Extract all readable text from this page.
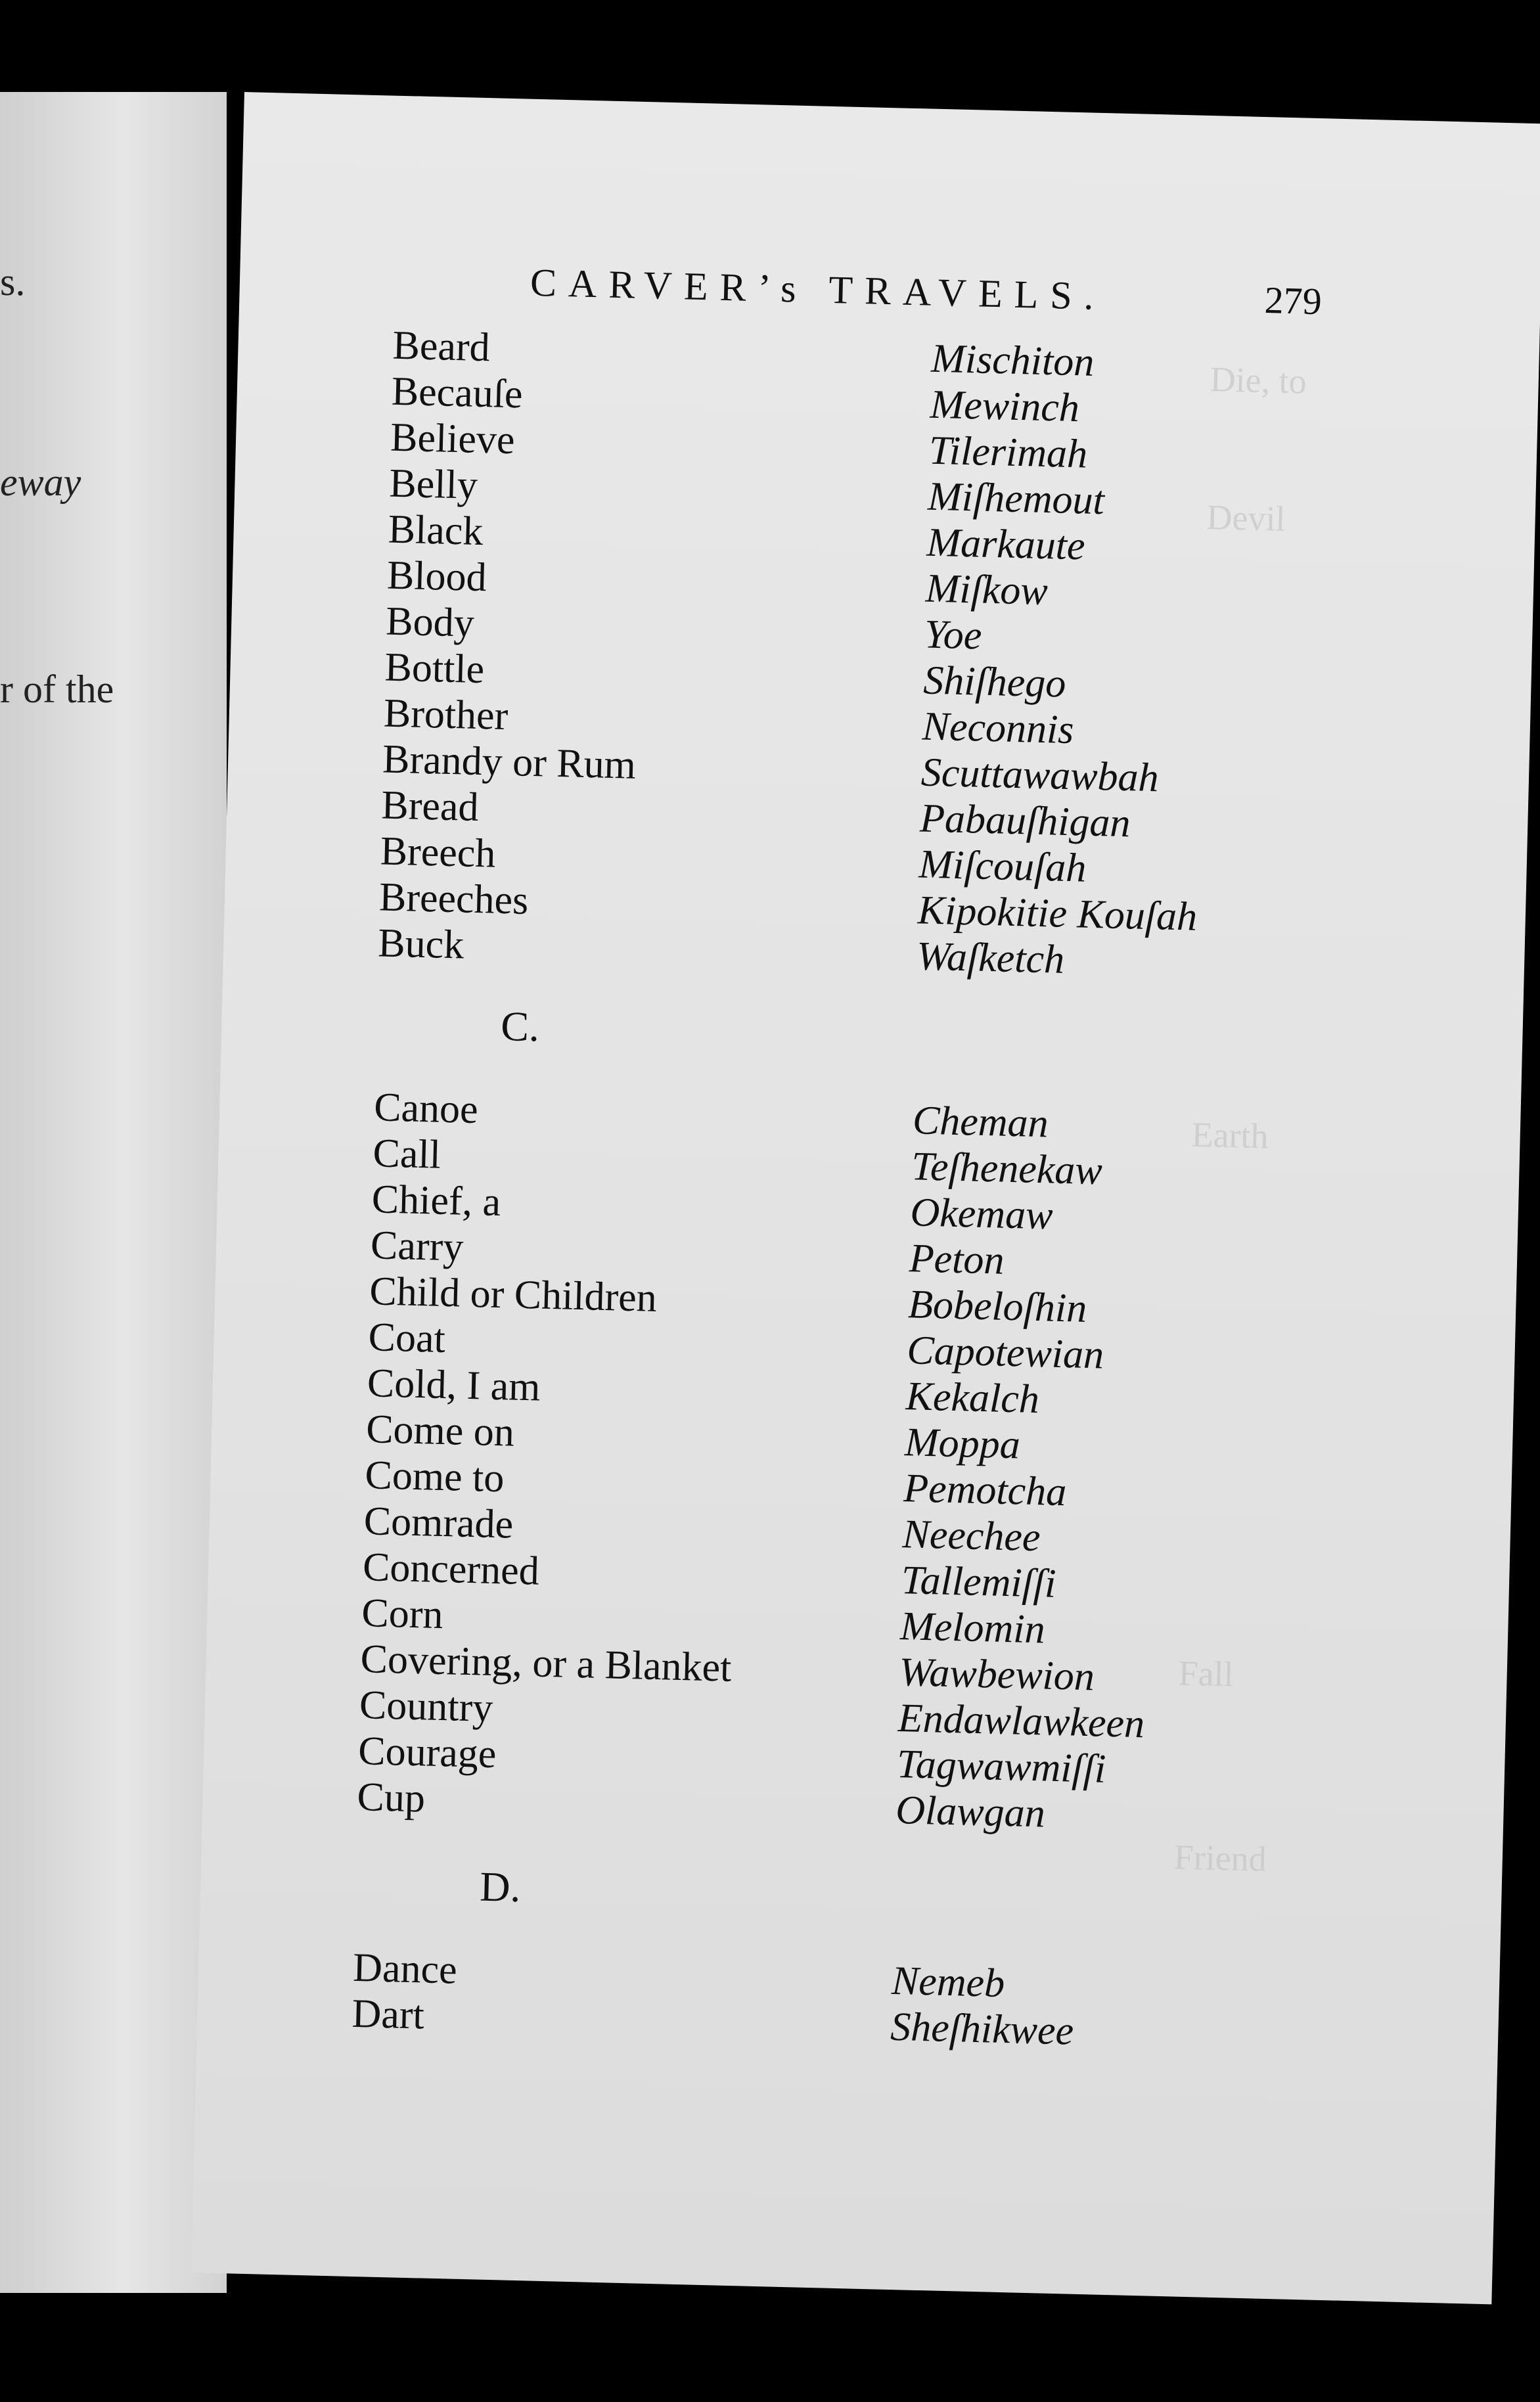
s.
eway
r of the
Die, to
Devil
Earth
Fall
Friend
CARVER’s TRAVELS.	279
Beard	Mischiton
Becauſe	Mewinch
Believe	Tilerimah
Belly	Miſhemout
Black	Markaute
Blood	Miſkow
Body	Yoe
Bottle	Shiſhego
Brother	Neconnis
Brandy or Rum	Scuttawawbah
Bread	Pabauſhigan
Breech	Miſcouſah
Breeches	Kipokitie Kouſah
Buck	Waſketch
C.
Canoe	Cheman
Call	Teſhenekaw
Chief, a	Okemaw
Carry	Peton
Child or Children	Bobeloſhin
Coat	Capotewian
Cold, I am	Kekalch
Come on	Moppa
Come to	Pemotcha
Comrade	Neechee
Concerned	Tallemiſſi
Corn	Melomin
Covering, or a Blanket	Wawbewion
Country	Endawlawkeen
Courage	Tagwawmiſſi
Cup	Olawgan
D.
Dance	Nemeb
Dart	Sheſhikwee
